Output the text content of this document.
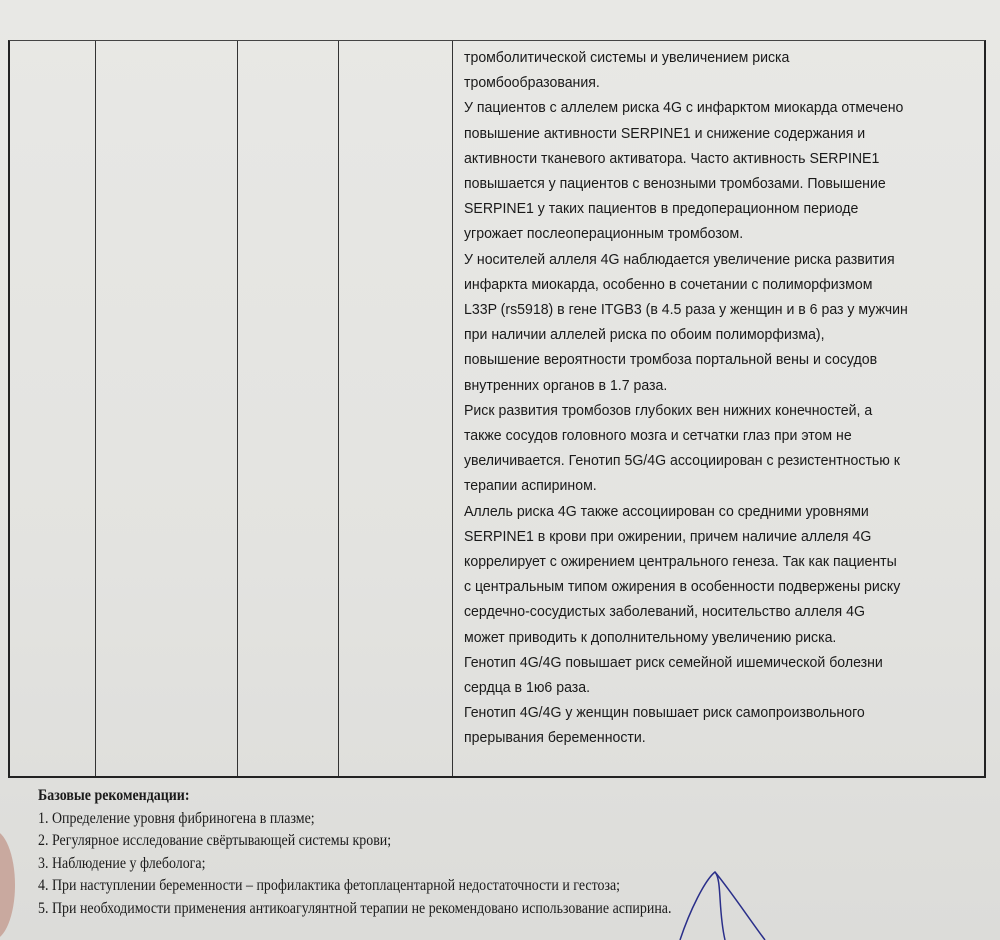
тромболитической системы и увеличением риска
тромбообразования.
У пациентов с аллелем риска 4G с инфарктом миокарда отмечено
повышение активности SERPINE1 и снижение содержания и
активности тканевого активатора. Часто активность SERPINE1
повышается у пациентов с венозными тромбозами. Повышение
SERPINE1 у таких пациентов в предоперационном периоде
угрожает послеоперационным тромбозом.
У носителей аллеля 4G наблюдается увеличение риска развития
инфаркта миокарда, особенно в сочетании с полиморфизмом
L33P (rs5918) в гене ITGB3 (в 4.5 раза у женщин и в 6 раз у мужчин
при наличии аллелей риска по обоим полиморфизма),
повышение вероятности тромбоза портальной вены и сосудов
внутренних органов в 1.7 раза.
Риск развития тромбозов глубоких вен нижних конечностей, а
также сосудов головного мозга и сетчатки глаз при этом не
увеличивается. Генотип 5G/4G ассоциирован с резистентностью к
терапии аспирином.
Аллель риска 4G также ассоциирован со средними уровнями
SERPINE1 в крови при ожирении, причем наличие аллеля 4G
коррелирует с ожирением центрального генеза. Так как пациенты
с центральным типом ожирения в особенности подвержены риску
сердечно-сосудистых заболеваний, носительство аллеля 4G
может приводить к дополнительному увеличению риска.
Генотип 4G/4G повышает риск семейной ишемической болезни
сердца в 1ю6 раза.
Генотип 4G/4G у женщин повышает риск самопроизвольного
прерывания беременности.
Базовые рекомендации:
1. Определение уровня фибриногена в плазме;
2. Регулярное исследование свёртывающей системы крови;
3. Наблюдение у флеболога;
4. При наступлении беременности – профилактика фетоплацентарной недостаточности и гестоза;
5. При необходимости применения антикоагулянтной терапии не рекомендовано использование аспирина.
